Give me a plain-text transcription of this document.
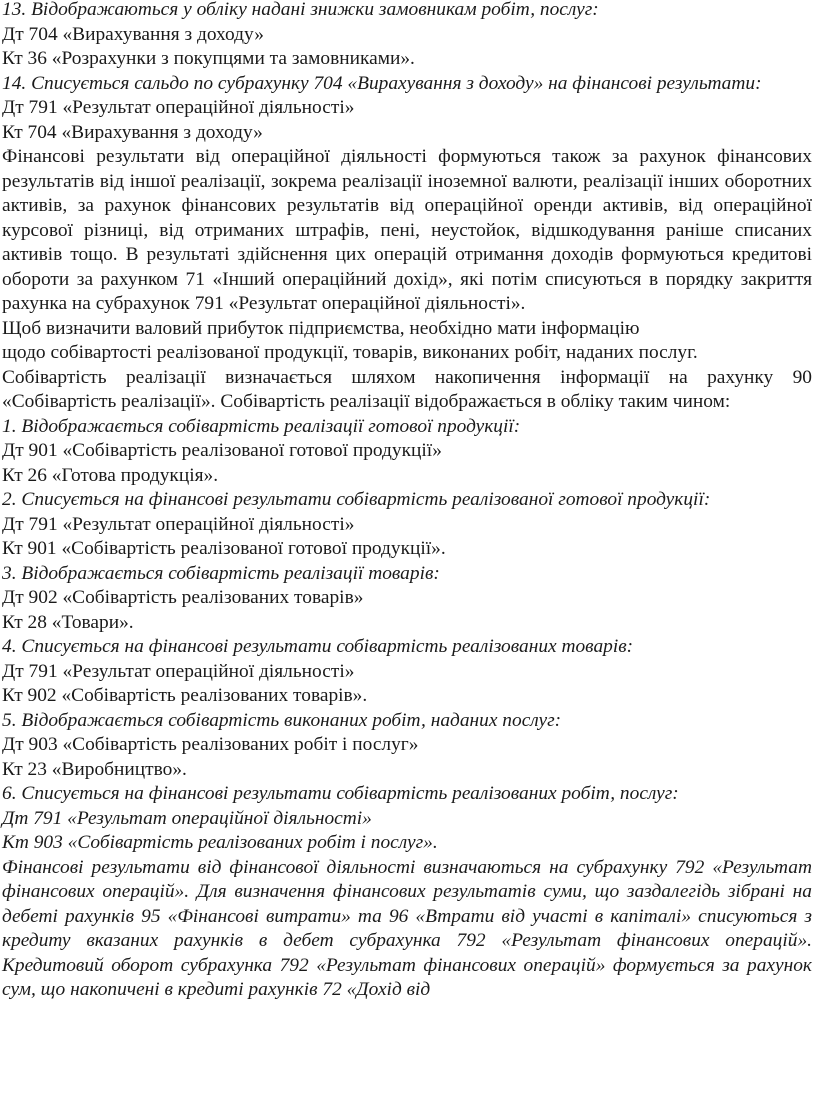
13. Відображаються у обліку надані знижки замовникам робіт, послуг:

Дт 704 «Вирахування з доходу»

Кт 36 «Розрахунки з покупцями та замовниками».

14. Списується сальдо по субрахунку 704 «Вирахування з доходу» на фінансові результати:

Дт 791 «Результат операційної діяльності»

Кт 704 «Вирахування з доходу»

Фінансові результати від операційної діяльності формуються також за рахунок фінансових результатів від іншої реалізації, зокрема реалізації іноземної валюти, реалізації інших оборотних активів, за рахунок фінансових результатів від операційної оренди активів, від операційної курсової різниці, від отриманих штрафів, пені, неустойок, відшкодування раніше списаних активів тощо. В результаті здійснення цих операцій отримання доходів формуються кредитові обороти за рахунком 71 «Інший операційний дохід», які потім списуються в порядку закриття рахунка на субрахунок 791 «Результат операційної діяльності».

Щоб визначити валовий прибуток підприємства, необхідно мати інформацію

щодо собівартості реалізованої продукції, товарів, виконаних робіт, наданих послуг.

Собівартість реалізації визначається шляхом накопичення інформації на рахунку 90 «Собівартість реалізації». Собівартість реалізації відображається в обліку таким чином:

1. Відображається собівартість реалізації готової продукції:

Дт 901 «Собівартість реалізованої готової продукції»

Кт 26 «Готова продукція».

2. Списується на фінансові результати собівартість реалізованої готової продукції:

Дт 791 «Результат операційної діяльності»

Кт 901 «Собівартість реалізованої готової продукції».

3. Відображається собівартість реалізації товарів:

Дт 902 «Собівартість реалізованих товарів»

Кт 28 «Товари».

4. Списується на фінансові результати собівартість реалізованих товарів:

Дт 791 «Результат операційної діяльності»

Кт 902 «Собівартість реалізованих товарів».

5. Відображається собівартість виконаних робіт, наданих послуг:

Дт 903 «Собівартість реалізованих робіт і послуг»

Кт 23 «Виробництво».

6. Списується на фінансові результати собівартість реалізованих робіт, послуг:

Дт 791 «Результат операційної діяльності»

Кт 903 «Собівартість реалізованих робіт і послуг».

Фінансові результати від фінансової діяльності визначаються на субрахунку 792 «Результат фінансових операцій». Для визначення фінансових результатів суми, що заздалегідь зібрані на дебеті рахунків 95 «Фінансові витрати» та 96 «Втрати від участі в капіталі» списуються з кредиту вказаних рахунків в дебет субрахунка 792 «Результат фінансових операцій». Кредитовий оборот субрахунка 792 «Результат фінансових операцій» формується за рахунок сум, що накопичені в кредиті рахунків 72 «Дохід від
